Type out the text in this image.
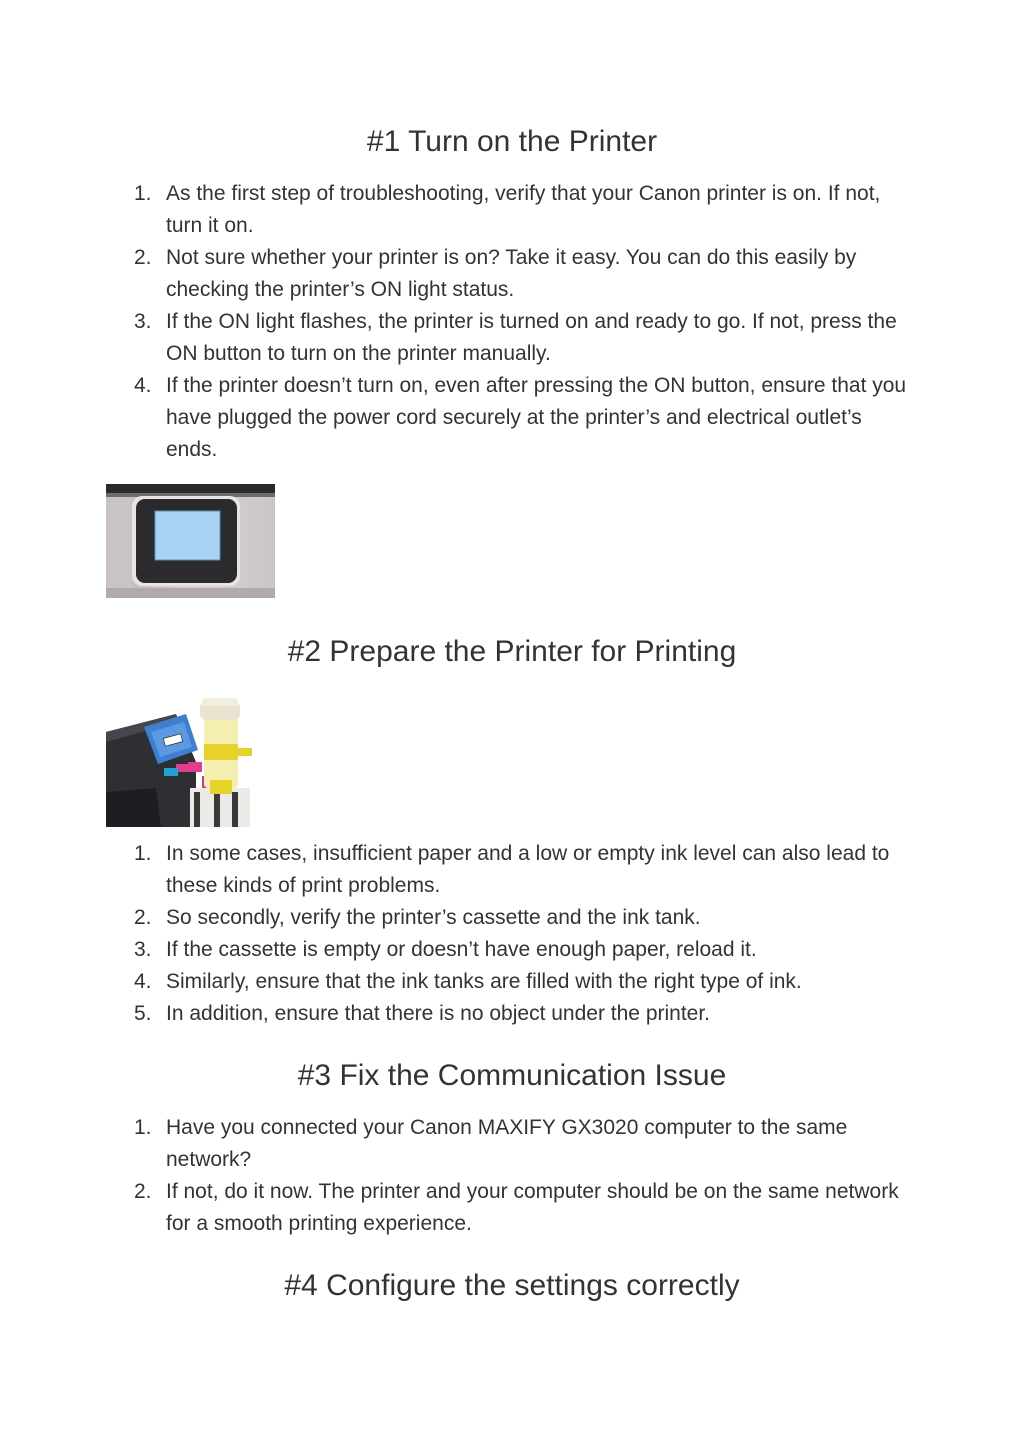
#1 Turn on the Printer
1. As the first step of troubleshooting, verify that your Canon printer is on. If not, turn it on.
2. Not sure whether your printer is on? Take it easy. You can do this easily by checking the printer’s ON light status.
3. If the ON light flashes, the printer is turned on and ready to go. If not, press the ON button to turn on the printer manually.
4. If the printer doesn’t turn on, even after pressing the ON button, ensure that you have plugged the power cord securely at the printer’s and electrical outlet’s ends.
#2 Prepare the Printer for Printing
1. In some cases, insufficient paper and a low or empty ink level can also lead to these kinds of print problems.
2. So secondly, verify the printer’s cassette and the ink tank.
3. If the cassette is empty or doesn’t have enough paper, reload it.
4. Similarly, ensure that the ink tanks are filled with the right type of ink.
5. In addition, ensure that there is no object under the printer.
#3 Fix the Communication Issue
1. Have you connected your Canon MAXIFY GX3020 computer to the same network?
2. If not, do it now. The printer and your computer should be on the same network for a smooth printing experience.
#4 Configure the settings correctly
